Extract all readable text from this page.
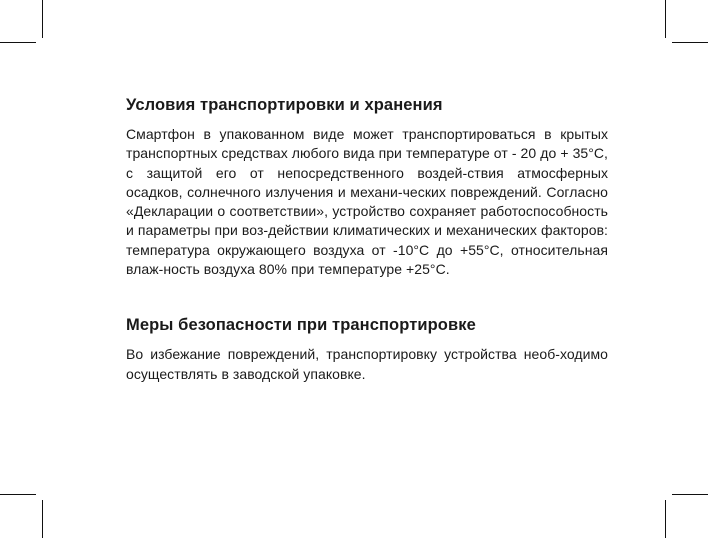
Условия транспортировки и хранения

Смартфон в упакованном виде может транспортироваться в крытых транспортных средствах любого вида при температуре от - 20 до + 35°С, с защитой его от непосредственного воздей-ствия атмосферных осадков, солнечного излучения и механи-ческих повреждений. Согласно «Декларации о соответствии», устройство сохраняет работоспособность и параметры при воз-действии климатических и механических факторов: температура окружающего воздуха от -10°С до +55°С, относительная влаж-ность воздуха 80% при температуре +25°С.

Меры безопасности при транспортировке

Во избежание повреждений, транспортировку устройства необ-ходимо осуществлять в заводской упаковке.
